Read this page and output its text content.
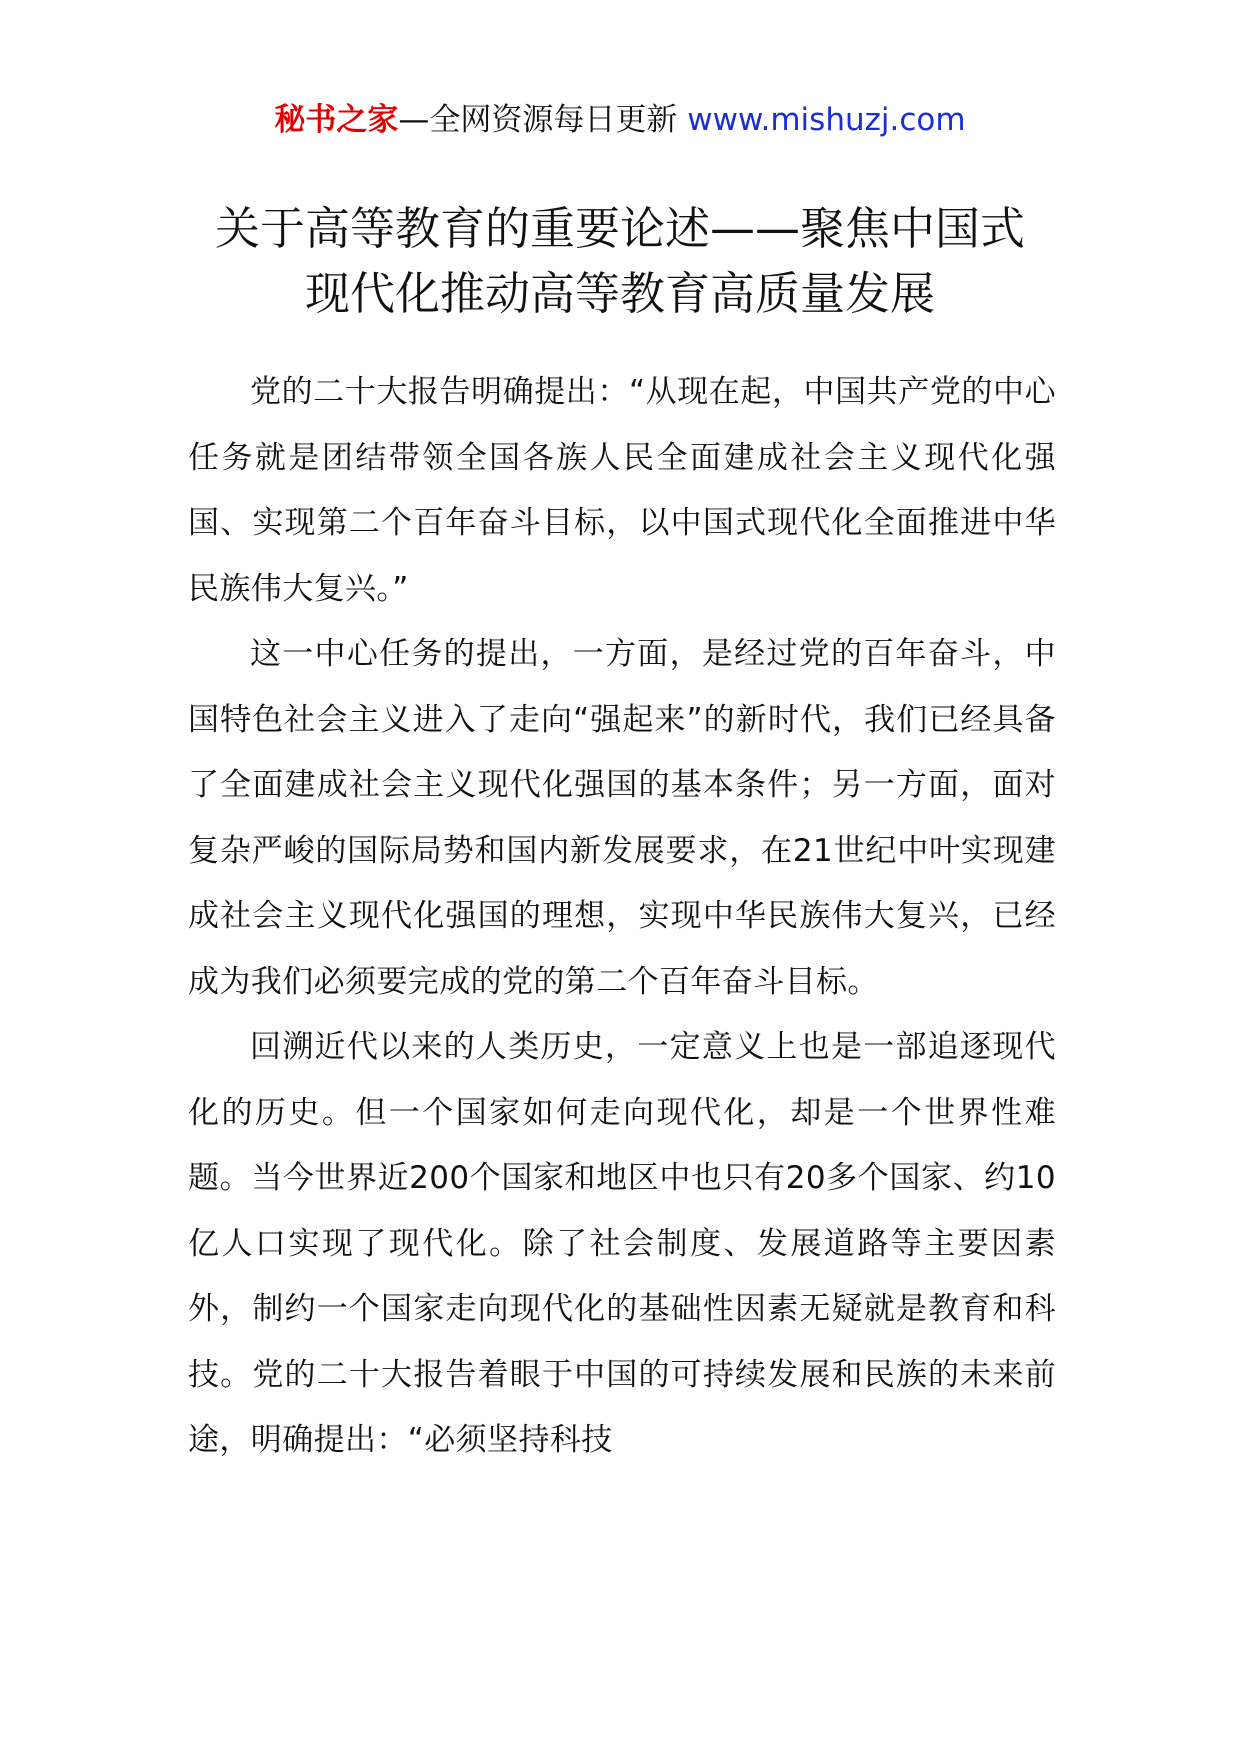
秘书之家—全网资源每日更新 www.mishuzj.com
关于高等教育的重要论述——聚焦中国式
现代化推动高等教育高质量发展

党的二十大报告明确提出：“从现在起，中国共产党的中心任务就是团结带领全国各族人民全面建成社会主义现代化强国、实现第二个百年奋斗目标，以中国式现代化全面推进中华民族伟大复兴。”

这一中心任务的提出，一方面，是经过党的百年奋斗，中国特色社会主义进入了走向“强起来”的新时代，我们已经具备了全面建成社会主义现代化强国的基本条件；另一方面，面对复杂严峻的国际局势和国内新发展要求，在21世纪中叶实现建成社会主义现代化强国的理想，实现中华民族伟大复兴，已经成为我们必须要完成的党的第二个百年奋斗目标。

回溯近代以来的人类历史，一定意义上也是一部追逐现代化的历史。但一个国家如何走向现代化，却是一个世界性难题。当今世界近200个国家和地区中也只有20多个国家、约10亿人口实现了现代化。除了社会制度、发展道路等主要因素外，制约一个国家走向现代化的基础性因素无疑就是教育和科技。党的二十大报告着眼于中国的可持续发展和民族的未来前途，明确提出：“必须坚持科技
